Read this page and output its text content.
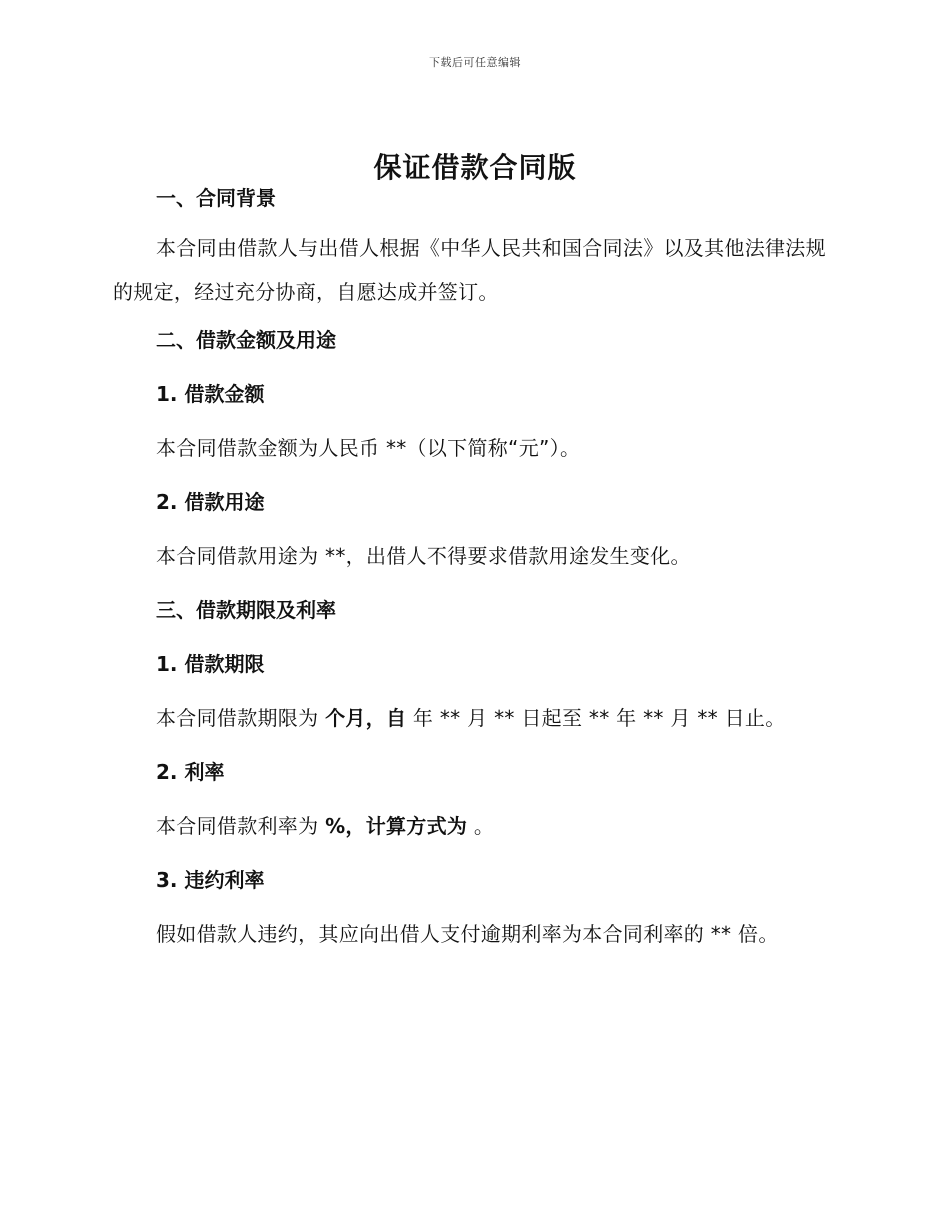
下载后可任意编辑
保证借款合同版
一、合同背景

本合同由借款人与出借人根据《中华人民共和国合同法》以及其他法律法规的规定，经过充分协商，自愿达成并签订。

二、借款金额及用途
1. 借款金额

本合同借款金额为人民币 **（以下简称“元”）。

2. 借款用途

本合同借款用途为 **，出借人不得要求借款用途发生变化。

三、借款期限及利率
1. 借款期限

本合同借款期限为 个月，自 年 ** 月 ** 日起至 ** 年 ** 月 ** 日止。

2. 利率

本合同借款利率为 %，计算方式为 。

3. 违约利率

假如借款人违约，其应向出借人支付逾期利率为本合同利率的 ** 倍。
